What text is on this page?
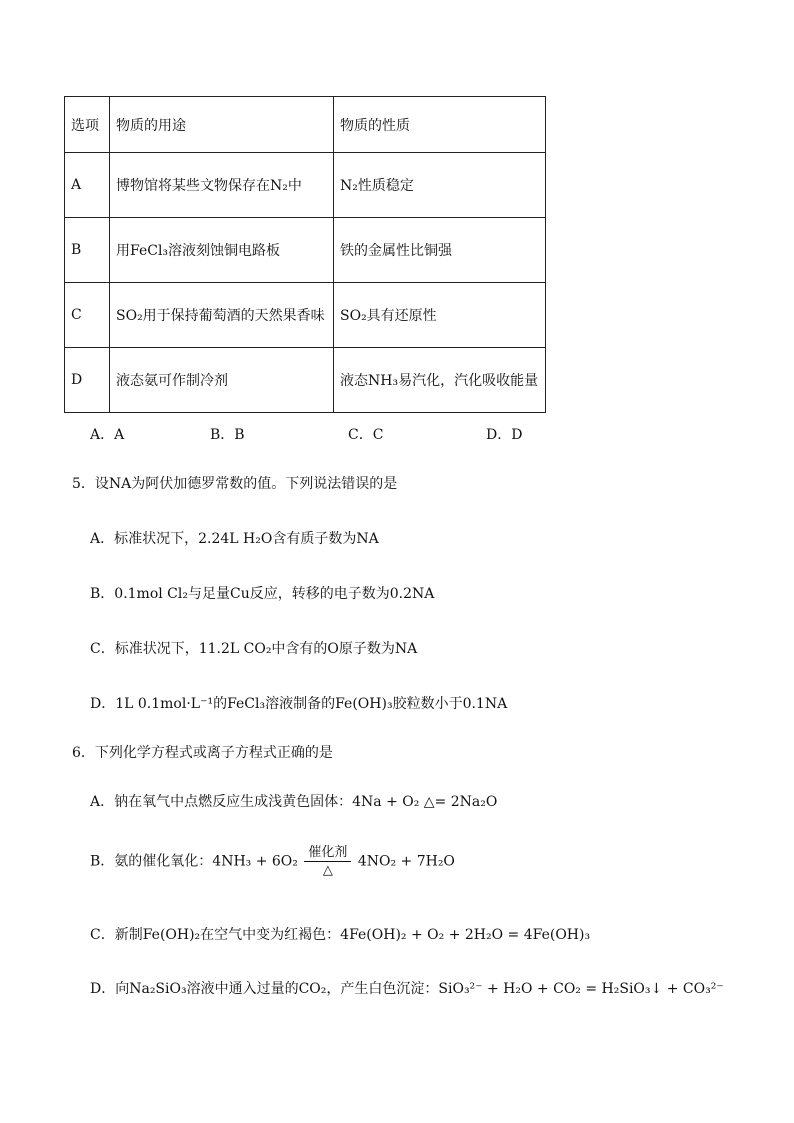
选项	物质的用途	物质的性质
A	博物馆将某些文物保存在N₂中	N₂性质稳定
B	用FeCl₃溶液刻蚀铜电路板	铁的金属性比铜强
C	SO₂用于保持葡萄酒的天然果香味	SO₂具有还原性
D	液态氨可作制冷剂	液态NH₃易汽化，汽化吸收能量
A．A	B．B	C．C	D．D
5．设NA为阿伏加德罗常数的值。下列说法错误的是
A．标准状况下，2.24L H₂O含有质子数为NA
B．0.1mol Cl₂与足量Cu反应，转移的电子数为0.2NA
C．标准状况下，11.2L CO₂中含有的O原子数为NA
D．1L 0.1mol·L⁻¹的FeCl₃溶液制备的Fe(OH)₃胶粒数小于0.1NA
6．下列化学方程式或离子方程式正确的是
A．钠在氧气中点燃反应生成浅黄色固体：4Na + O₂ △= 2Na₂O
B．氨的催化氧化：$4NH_3 + 6O_2 \frac{\text{催化剂}}{\triangle} 4NO_2 + 7H_2O$
C．新制Fe(OH)₂在空气中变为红褐色：4Fe(OH)₂ + O₂ + 2H₂O = 4Fe(OH)₃
D．向Na₂SiO₃溶液中通入过量的CO₂，产生白色沉淀：SiO₃²⁻ + H₂O + CO₂ = H₂SiO₃↓ + CO₃²⁻
